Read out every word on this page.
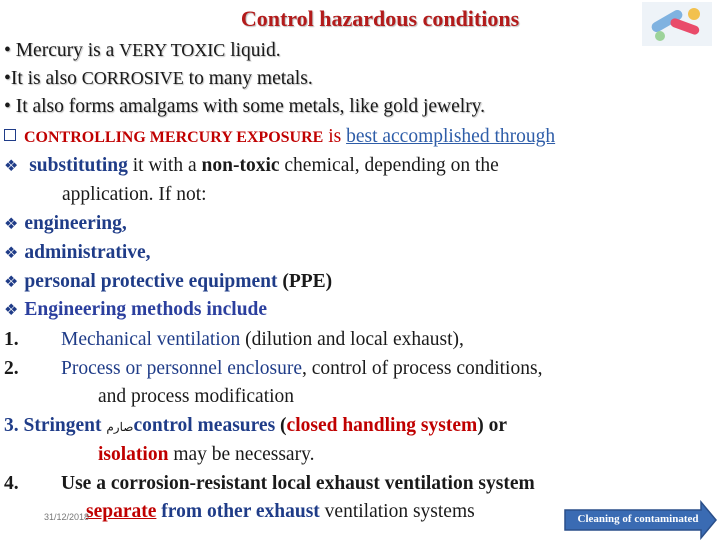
Control hazardous conditions
• Mercury is a VERY TOXIC liquid.
•It is also CORROSIVE to many metals.
• It also forms amalgams with some metals, like gold jewelry.
CONTROLLING MERCURY EXPOSURE is best accomplished through
❖ substituting it with a non-toxic chemical, depending on the
application. If not:
❖ engineering,
❖ administrative,
❖ personal protective equipment (PPE)
❖ Engineering methods include
1. Mechanical ventilation (dilution and local exhaust),
2. Process or personnel enclosure, control of process conditions,
and process modification
3. Stringent صارمcontrol measures (closed handling system) or
isolation may be necessary.
4. Use a corrosion-resistant local exhaust ventilation system
separate from other exhaust ventilation systems
31/12/2018	Cleaning of contaminated
